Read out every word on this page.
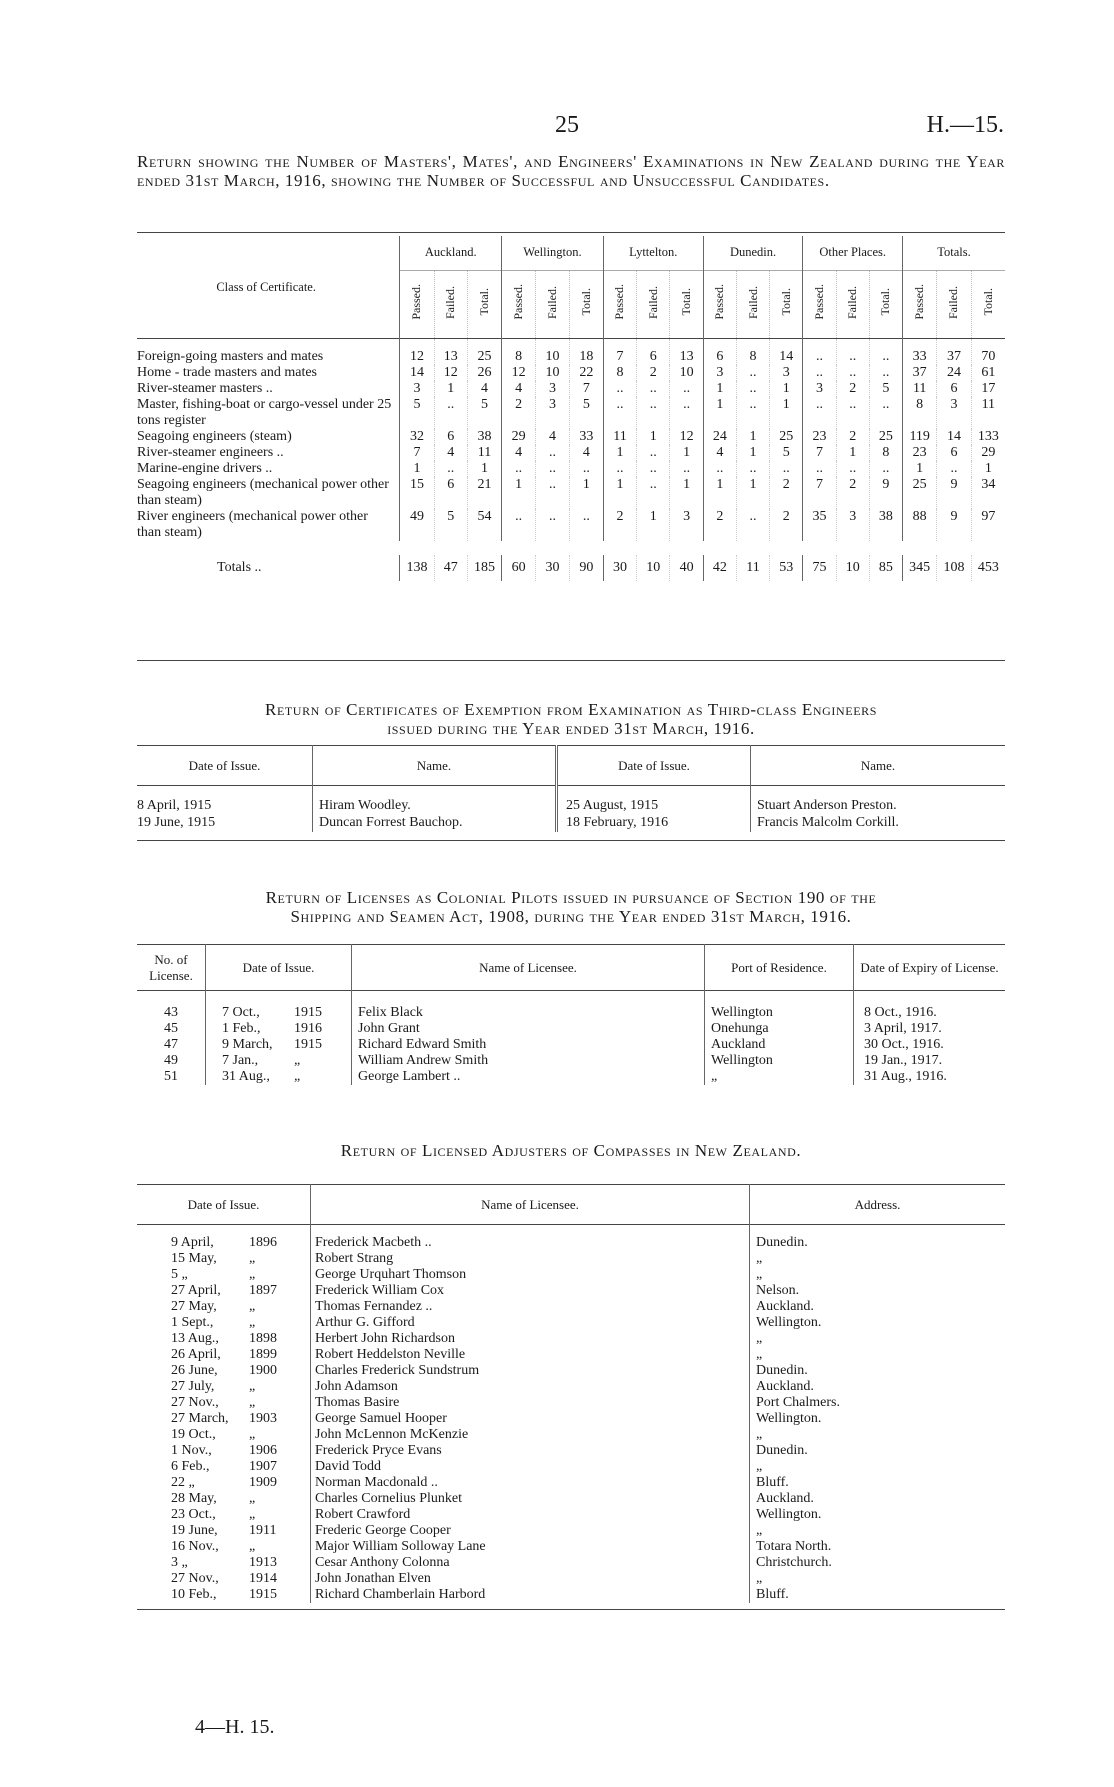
25	H.—15.
Return showing the Number of Masters', Mates', and Engineers' Examinations in New Zealand during the Year ended 31st March, 1916, showing the Number of Successful and Unsuccessful Candidates.
Class of Certificate.	Auckland.			Wellington.			Lyttelton.			Dunedin.			Other Places.			Totals.		
	Passed.	Failed.	Total.	Passed.	Failed.	Total.	Passed.	Failed.	Total.	Passed.	Failed.	Total.	Passed.	Failed.	Total.	Passed.	Failed.	Total.
Foreign-going masters and mates	12	13	25	8	10	18	7	6	13	6	8	14	..	..	..	33	37	70
Home - trade masters and mates	14	12	26	12	10	22	8	2	10	3	..	3	..	..	..	37	24	61
River-steamer masters ..	3	1	4	4	3	7	..	..	..	1	..	1	3	2	5	11	6	17
Master, fishing-boat or cargo-vessel under 25 tons register	5	..	5	2	3	5	..	..	..	1	..	1	..	..	..	8	3	11
Seagoing engineers (steam)	32	6	38	29	4	33	11	1	12	24	1	25	23	2	25	119	14	133
River-steamer engineers ..	7	4	11	4	..	4	1	..	1	4	1	5	7	1	8	23	6	29
Marine-engine drivers ..	1	..	1	..	..	..	..	..	..	..	..	..	..	..	..	1	..	1
Seagoing engineers (mechanical power other than steam)	15	6	21	1	..	1	1	..	1	1	1	2	7	2	9	25	9	34
River engineers (mechanical power other than steam)	49	5	54	..	..	..	2	1	3	2	..	2	35	3	38	88	9	97

Totals ..	138	47	185	60	30	90	30	10	40	42	11	53	75	10	85	345	108	453
Return of Certificates of Exemption from Examination as Third-class Engineers
issued during the Year ended 31st March, 1916.
Date of Issue.	Name.	Date of Issue.	Name.
8 April, 1915	Hiram Woodley.	25 August, 1915	Stuart Anderson Preston.
19 June, 1915	Duncan Forrest Bauchop.	18 February, 1916	Francis Malcolm Corkill.

Return of Licenses as Colonial Pilots issued in pursuance of Section 190 of the
Shipping and Seamen Act, 1908, during the Year ended 31st March, 1916.
No. of License.	Date of Issue.	Name of Licensee.	Port of Residence.	Date of Expiry of License.
43	7 Oct., 1915	Felix Black	Wellington	8 Oct., 1916.
45	1 Feb., 1916	John Grant	Onehunga	3 April, 1917.
47	9 March, 1915	Richard Edward Smith	Auckland	30 Oct., 1916.
49	7 Jan., „	William Andrew Smith	Wellington	19 Jan., 1917.
51	31 Aug., „	George Lambert ..	„	31 Aug., 1916.
Return of Licensed Adjusters of Compasses in New Zealand.
Date of Issue.	Name of Licensee.	Address.
9 April, 1896	Frederick Macbeth ..	Dunedin.
15 May, „	Robert Strang	„
5 „ „	George Urquhart Thomson	„
27 April, 1897	Frederick William Cox	Nelson.
27 May, „	Thomas Fernandez ..	Auckland.
1 Sept., „	Arthur G. Gifford	Wellington.
13 Aug., 1898	Herbert John Richardson	„
26 April, 1899	Robert Heddelston Neville	„
26 June, 1900	Charles Frederick Sundstrum	Dunedin.
27 July, „	John Adamson	Auckland.
27 Nov., „	Thomas Basire	Port Chalmers.
27 March, 1903	George Samuel Hooper	Wellington.
19 Oct., „	John McLennon McKenzie	„
1 Nov., 1906	Frederick Pryce Evans	Dunedin.
6 Feb., 1907	David Todd	„
22 „ 1909	Norman Macdonald ..	Bluff.
28 May, „	Charles Cornelius Plunket	Auckland.
23 Oct., „	Robert Crawford	Wellington.
19 June, 1911	Frederic George Cooper	„
16 Nov., „	Major William Solloway Lane	Totara North.
3 „ 1913	Cesar Anthony Colonna	Christchurch.
27 Nov., 1914	John Jonathan Elven	„
10 Feb., 1915	Richard Chamberlain Harbord	Bluff.

4—H. 15.
